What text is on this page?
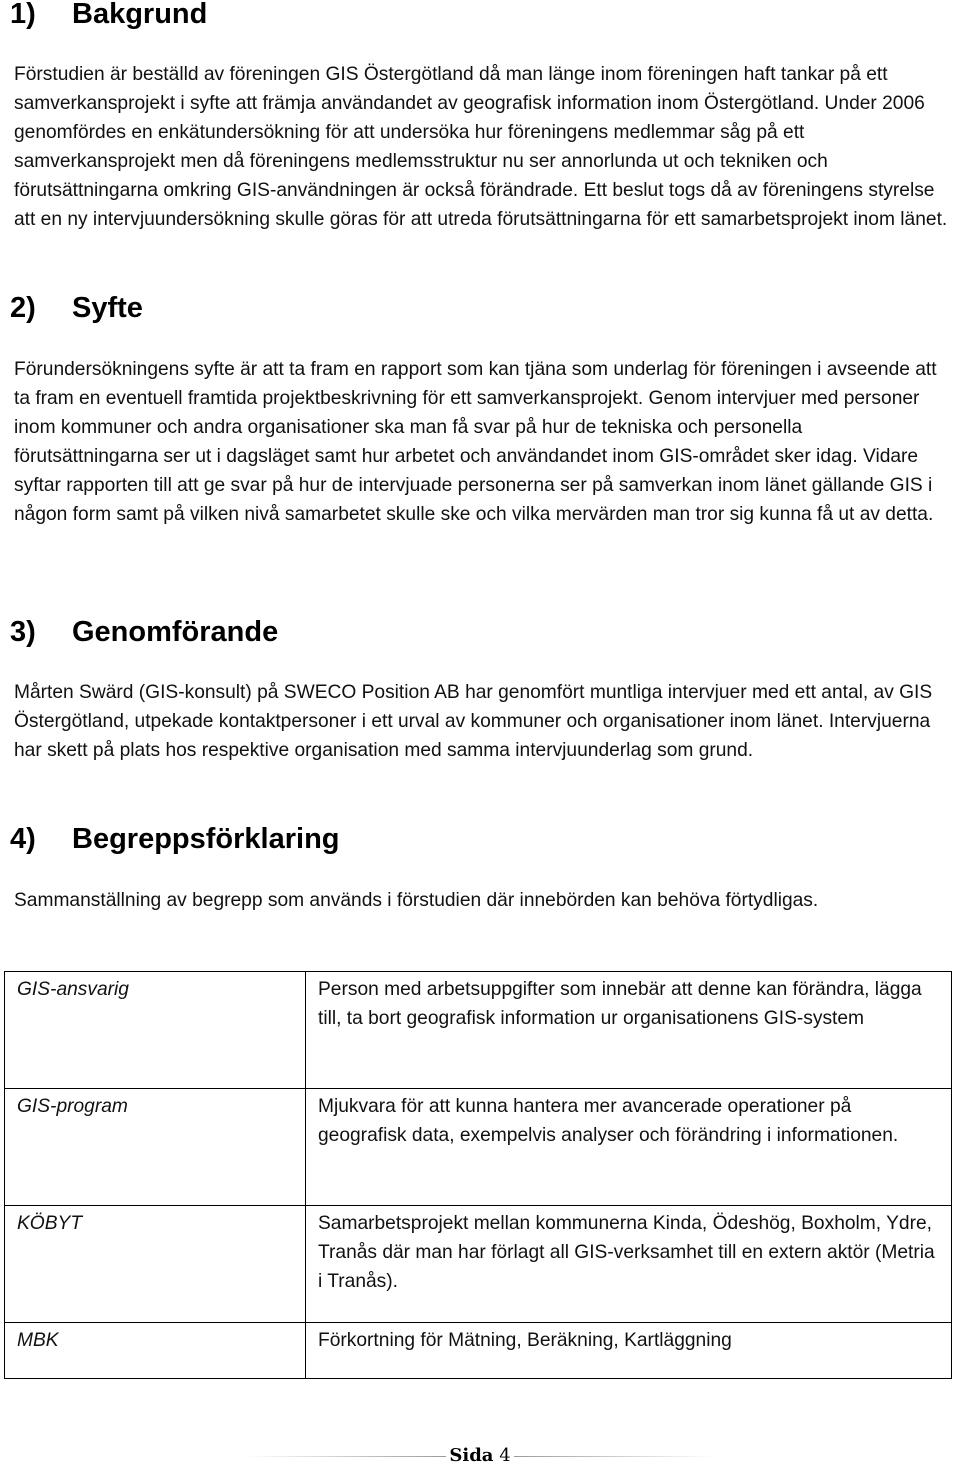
1) Bakgrund

Förstudien är beställd av föreningen GIS Östergötland då man länge inom föreningen haft tankar på ett samverkansprojekt i syfte att främja användandet av geografisk information inom Östergötland. Under 2006 genomfördes en enkätundersökning för att undersöka hur föreningens medlemmar såg på ett samverkansprojekt men då föreningens medlemsstruktur nu ser annorlunda ut och tekniken och förutsättningarna omkring GIS-användningen är också förändrade. Ett beslut togs då av föreningens styrelse att en ny intervjuundersökning skulle göras för att utreda förutsättningarna för ett samarbetsprojekt inom länet.

2) Syfte

Förundersökningens syfte är att ta fram en rapport som kan tjäna som underlag för föreningen i avseende att ta fram en eventuell framtida projektbeskrivning för ett samverkansprojekt. Genom intervjuer med personer inom kommuner och andra organisationer ska man få svar på hur de tekniska och personella förutsättningarna ser ut i dagsläget samt hur arbetet och användandet inom GIS-området sker idag. Vidare syftar rapporten till att ge svar på hur de intervjuade personerna ser på samverkan inom länet gällande GIS i någon form samt på vilken nivå samarbetet skulle ske och vilka mervärden man tror sig kunna få ut av detta.

3) Genomförande

Mårten Swärd (GIS-konsult) på SWECO Position AB har genomfört muntliga intervjuer med ett antal, av GIS Östergötland, utpekade kontaktpersoner i ett urval av kommuner och organisationer inom länet. Intervjuerna har skett på plats hos respektive organisation med samma intervjuunderlag som grund.

4) Begreppsförklaring

Sammanställning av begrepp som används i förstudien där innebörden kan behöva förtydligas.

GIS-ansvarig	Person med arbetsuppgifter som innebär att denne kan förändra, lägga till, ta bort geografisk information ur organisationens GIS-system
GIS-program	Mjukvara för att kunna hantera mer avancerade operationer på geografisk data, exempelvis analyser och förändring i informationen.
KÖBYT	Samarbetsprojekt mellan kommunerna Kinda, Ödeshög, Boxholm, Ydre, Tranås där man har förlagt all GIS-verksamhet till en extern aktör (Metria i Tranås).
MBK	Förkortning för Mätning, Beräkning, Kartläggning
Sida 4
